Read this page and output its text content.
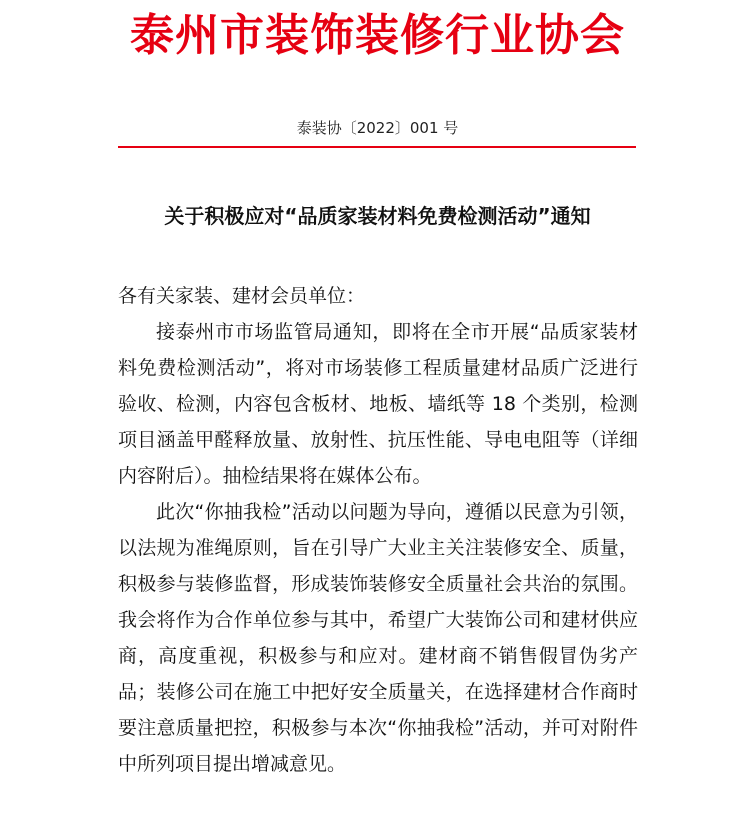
泰州市装饰装修行业协会
泰装协〔2022〕001 号
关于积极应对“品质家装材料免费检测活动”通知

各有关家装、建材会员单位：

接泰州市市场监管局通知，即将在全市开展“品质家装材料免费检测活动”，将对市场装修工程质量建材品质广泛进行验收、检测，内容包含板材、地板、墙纸等 18 个类别，检测项目涵盖甲醛释放量、放射性、抗压性能、导电电阻等（详细内容附后）。抽检结果将在媒体公布。

此次“你抽我检”活动以问题为导向，遵循以民意为引领，以法规为准绳原则，旨在引导广大业主关注装修安全、质量，积极参与装修监督，形成装饰装修安全质量社会共治的氛围。我会将作为合作单位参与其中，希望广大装饰公司和建材供应商，高度重视，积极参与和应对。建材商不销售假冒伪劣产品；装修公司在施工中把好安全质量关，在选择建材合作商时要注意质量把控，积极参与本次“你抽我检”活动，并可对附件中所列项目提出增减意见。
